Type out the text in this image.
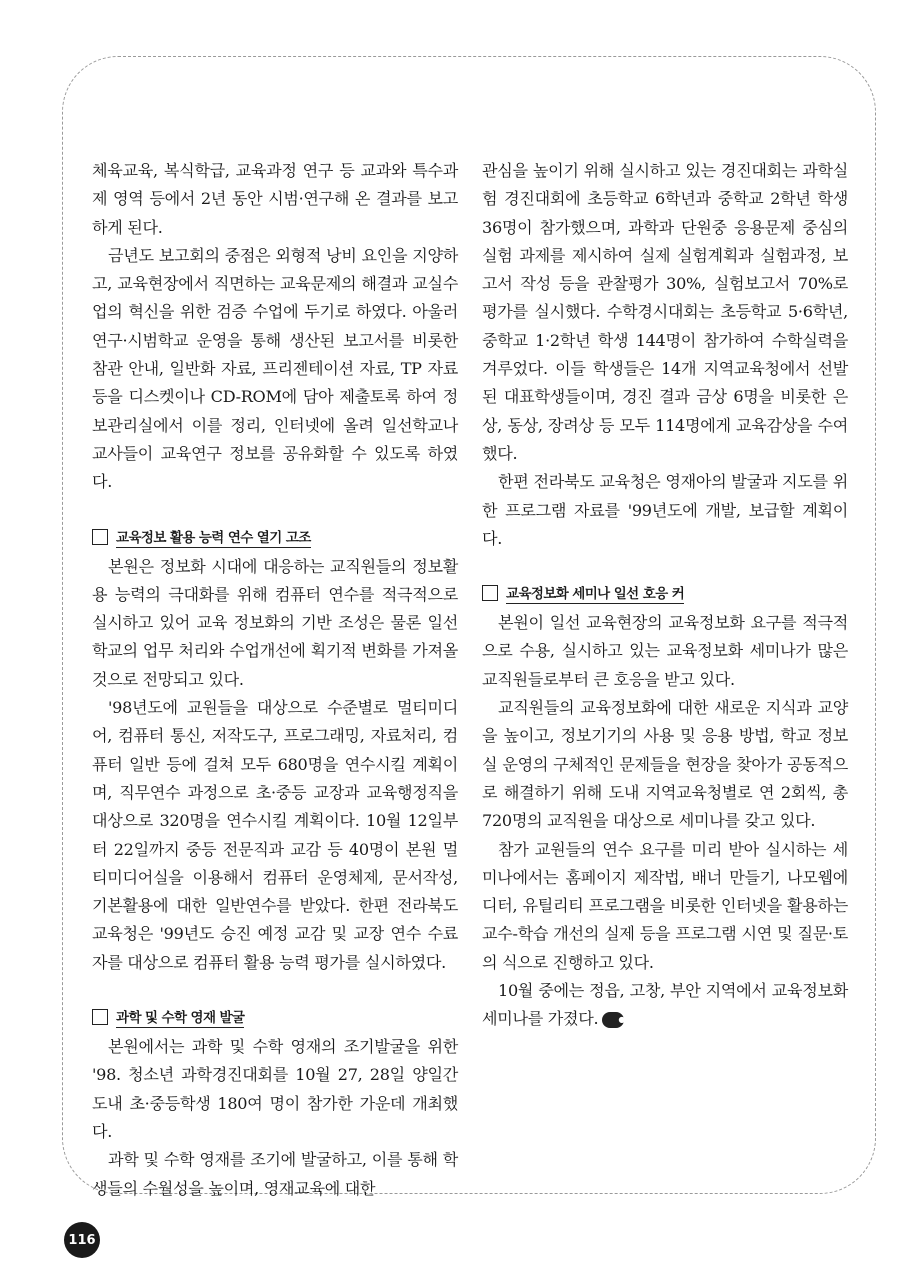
체육교육, 복식학급, 교육과정 연구 등 교과와 특수과제 영역 등에서 2년 동안 시범·연구해 온 결과를 보고하게 된다.

금년도 보고회의 중점은 외형적 낭비 요인을 지양하고, 교육현장에서 직면하는 교육문제의 해결과 교실수업의 혁신을 위한 검증 수업에 두기로 하였다. 아울러 연구·시범학교 운영을 통해 생산된 보고서를 비롯한 참관 안내, 일반화 자료, 프리젠테이션 자료, TP 자료 등을 디스켓이나 CD-ROM에 담아 제출토록 하여 정보관리실에서 이를 정리, 인터넷에 올려 일선학교나 교사들이 교육연구 정보를 공유화할 수 있도록 하였다.

교육정보 활용 능력 연수 열기 고조

본원은 정보화 시대에 대응하는 교직원들의 정보활용 능력의 극대화를 위해 컴퓨터 연수를 적극적으로 실시하고 있어 교육 정보화의 기반 조성은 물론 일선학교의 업무 처리와 수업개선에 획기적 변화를 가져올 것으로 전망되고 있다.

'98년도에 교원들을 대상으로 수준별로 멀티미디어, 컴퓨터 통신, 저작도구, 프로그래밍, 자료처리, 컴퓨터 일반 등에 걸쳐 모두 680명을 연수시킬 계획이며, 직무연수 과정으로 초·중등 교장과 교육행정직을 대상으로 320명을 연수시킬 계획이다. 10월 12일부터 22일까지 중등 전문직과 교감 등 40명이 본원 멀티미디어실을 이용해서 컴퓨터 운영체제, 문서작성, 기본활용에 대한 일반연수를 받았다. 한편 전라북도 교육청은 '99년도 승진 예정 교감 및 교장 연수 수료자를 대상으로 컴퓨터 활용 능력 평가를 실시하였다.

과학 및 수학 영재 발굴

본원에서는 과학 및 수학 영재의 조기발굴을 위한 '98. 청소년 과학경진대회를 10월 27, 28일 양일간 도내 초·중등학생 180여 명이 참가한 가운데 개최했다.

과학 및 수학 영재를 조기에 발굴하고, 이를 통해 학생들의 수월성을 높이며, 영재교육에 대한

관심을 높이기 위해 실시하고 있는 경진대회는 과학실험 경진대회에 초등학교 6학년과 중학교 2학년 학생 36명이 참가했으며, 과학과 단원중 응용문제 중심의 실험 과제를 제시하여 실제 실험계획과 실험과정, 보고서 작성 등을 관찰평가 30%, 실험보고서 70%로 평가를 실시했다. 수학경시대회는 초등학교 5·6학년, 중학교 1·2학년 학생 144명이 참가하여 수학실력을 겨루었다. 이들 학생들은 14개 지역교육청에서 선발된 대표학생들이며, 경진 결과 금상 6명을 비롯한 은상, 동상, 장려상 등 모두 114명에게 교육감상을 수여했다.

한편 전라북도 교육청은 영재아의 발굴과 지도를 위한 프로그램 자료를 '99년도에 개발, 보급할 계획이다.

교육정보화 세미나 일선 호응 커

본원이 일선 교육현장의 교육정보화 요구를 적극적으로 수용, 실시하고 있는 교육정보화 세미나가 많은 교직원들로부터 큰 호응을 받고 있다.

교직원들의 교육정보화에 대한 새로운 지식과 교양을 높이고, 정보기기의 사용 및 응용 방법, 학교 정보실 운영의 구체적인 문제들을 현장을 찾아가 공동적으로 해결하기 위해 도내 지역교육청별로 연 2회씩, 총 720명의 교직원을 대상으로 세미나를 갖고 있다.

참가 교원들의 연수 요구를 미리 받아 실시하는 세미나에서는 홈페이지 제작법, 배너 만들기, 나모웹에디터, 유틸리티 프로그램을 비롯한 인터넷을 활용하는 교수-학습 개선의 실제 등을 프로그램 시연 및 질문·토의 식으로 진행하고 있다.

10월 중에는 정읍, 고창, 부안 지역에서 교육정보화 세미나를 가졌다.	●●

116
